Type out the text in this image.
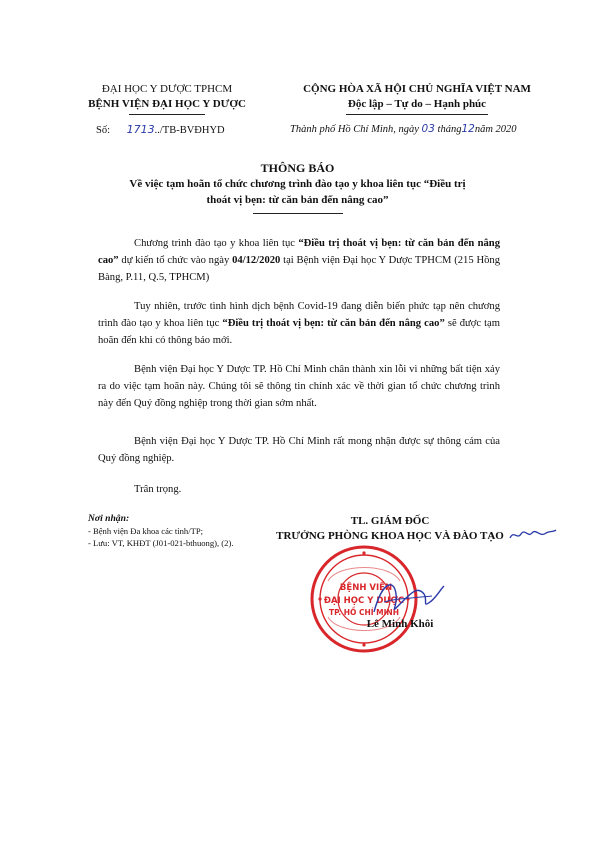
ĐẠI HỌC Y DƯỢC TPHCM
BỆNH VIỆN ĐẠI HỌC Y DƯỢC
CỘNG HÒA XÃ HỘI CHỦ NGHĨA VIỆT NAM
Độc lập – Tự do – Hạnh phúc
Số: 1713../TB-BVĐHYD	Thành phố Hồ Chí Minh, ngày 03 tháng12năm 2020
THÔNG BÁO
Về việc tạm hoãn tổ chức chương trình đào tạo y khoa liên tục “Điều trị
thoát vị bẹn: từ căn bản đến nâng cao”
Chương trình đào tạo y khoa liên tục “Điều trị thoát vị bẹn: từ căn bản đến nâng cao” dự kiến tổ chức vào ngày 04/12/2020 tại Bệnh viện Đại học Y Dược TPHCM (215 Hồng Bàng, P.11, Q.5, TPHCM)
Tuy nhiên, trước tình hình dịch bệnh Covid-19 đang diễn biến phức tạp nên chương trình đào tạo y khoa liên tục “Điều trị thoát vị bẹn: từ căn bản đến nâng cao” sẽ được tạm hoãn đến khi có thông báo mới.
Bệnh viện Đại học Y Dược TP. Hồ Chí Minh chân thành xin lỗi vì những bất tiện xảy ra do việc tạm hoãn này. Chúng tôi sẽ thông tin chính xác về thời gian tổ chức chương trình này đến Quý đồng nghiệp trong thời gian sớm nhất.
Bệnh viện Đại học Y Dược TP. Hồ Chí Minh rất mong nhận được sự thông cảm của Quý đồng nghiệp.
Trân trọng.
Nơi nhận:
- Bệnh viện Đa khoa các tỉnh/TP;
- Lưu: VT, KHĐT (J01-021-bthuong), (2).
TL. GIÁM ĐỐC
TRƯỞNG PHÒNG KHOA HỌC VÀ ĐÀO TẠO
BỆNH VIỆN
ĐẠI HỌC Y DƯỢC
TP. HỒ CHÍ MINH
Lê Minh Khôi
